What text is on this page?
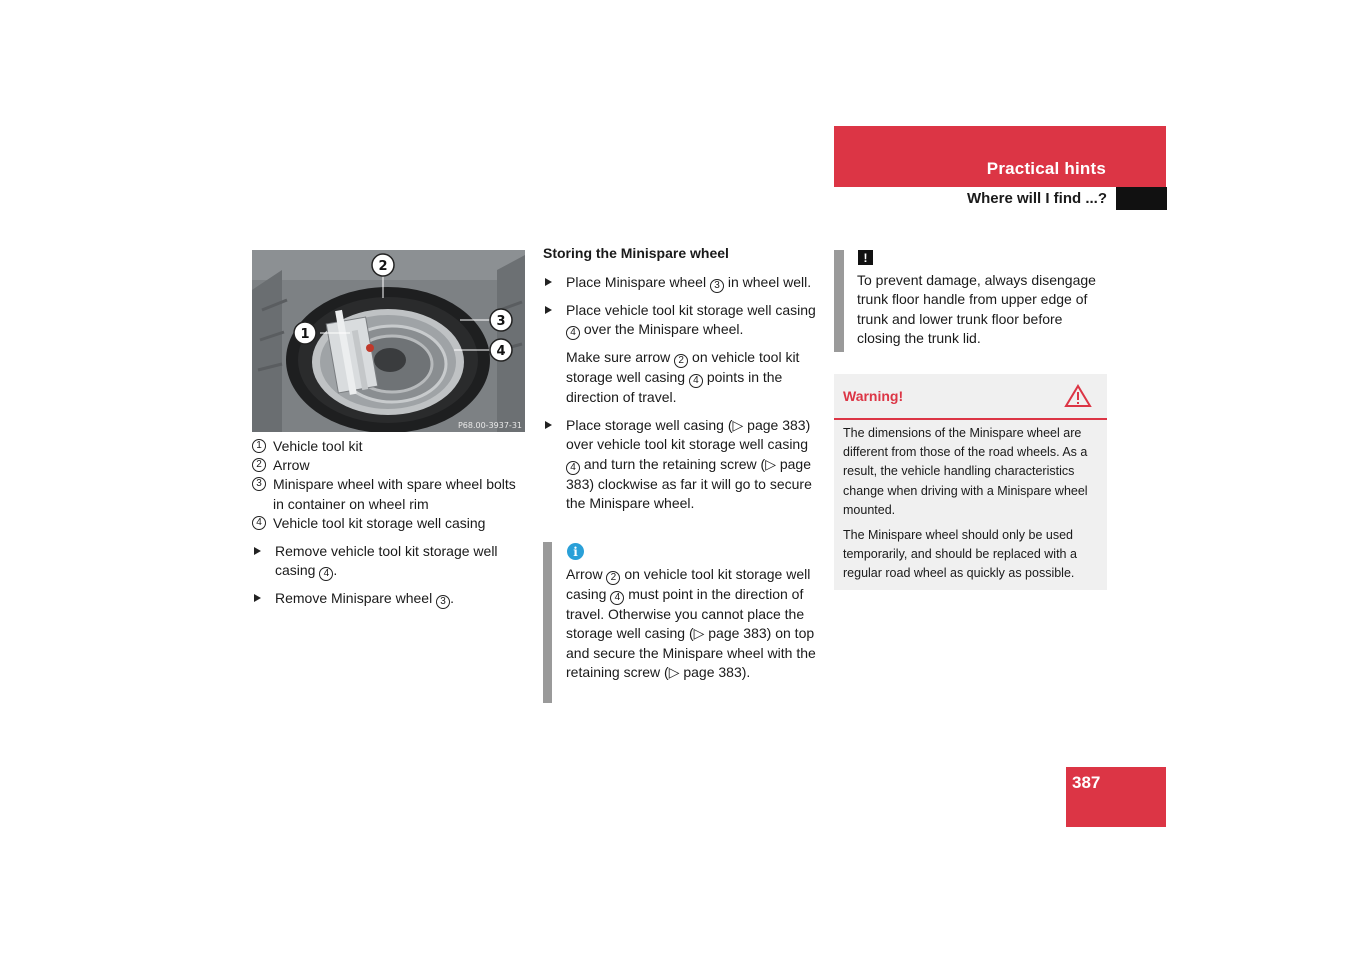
Practical hints
Where will I find ...?
1
2
3
4
P68.00-3937-31
1 Vehicle tool kit
2 Arrow
3 Minispare wheel with spare wheel bolts in container on wheel rim
4 Vehicle tool kit storage well casing
Remove vehicle tool kit storage well casing 4 .
Remove Minispare wheel 3 .
Storing the Minispare wheel
Place Minispare wheel 3 in wheel well.
Place vehicle tool kit storage well casing 4 over the Minispare wheel.
Make sure arrow 2 on vehicle tool kit storage well casing 4 points in the direction of travel.
Place storage well casing (▷ page 383) over vehicle tool kit storage well casing 4 and turn the retaining screw (▷ page 383) clockwise as far it will go to secure the Minispare wheel.
i
Arrow 2 on vehicle tool kit storage well casing 4 must point in the direction of travel. Otherwise you cannot place the storage well casing (▷ page 383) on top and secure the Minispare wheel with the retaining screw (▷ page 383).
!
To prevent damage, always disengage trunk floor handle from upper edge of trunk and lower trunk floor before closing the trunk lid.
Warning!

The dimensions of the Minispare wheel are different from those of the road wheels. As a result, the vehicle handling characteristics change when driving with a Minispare wheel mounted.

The Minispare wheel should only be used temporarily, and should be replaced with a regular road wheel as quickly as possible.

387
